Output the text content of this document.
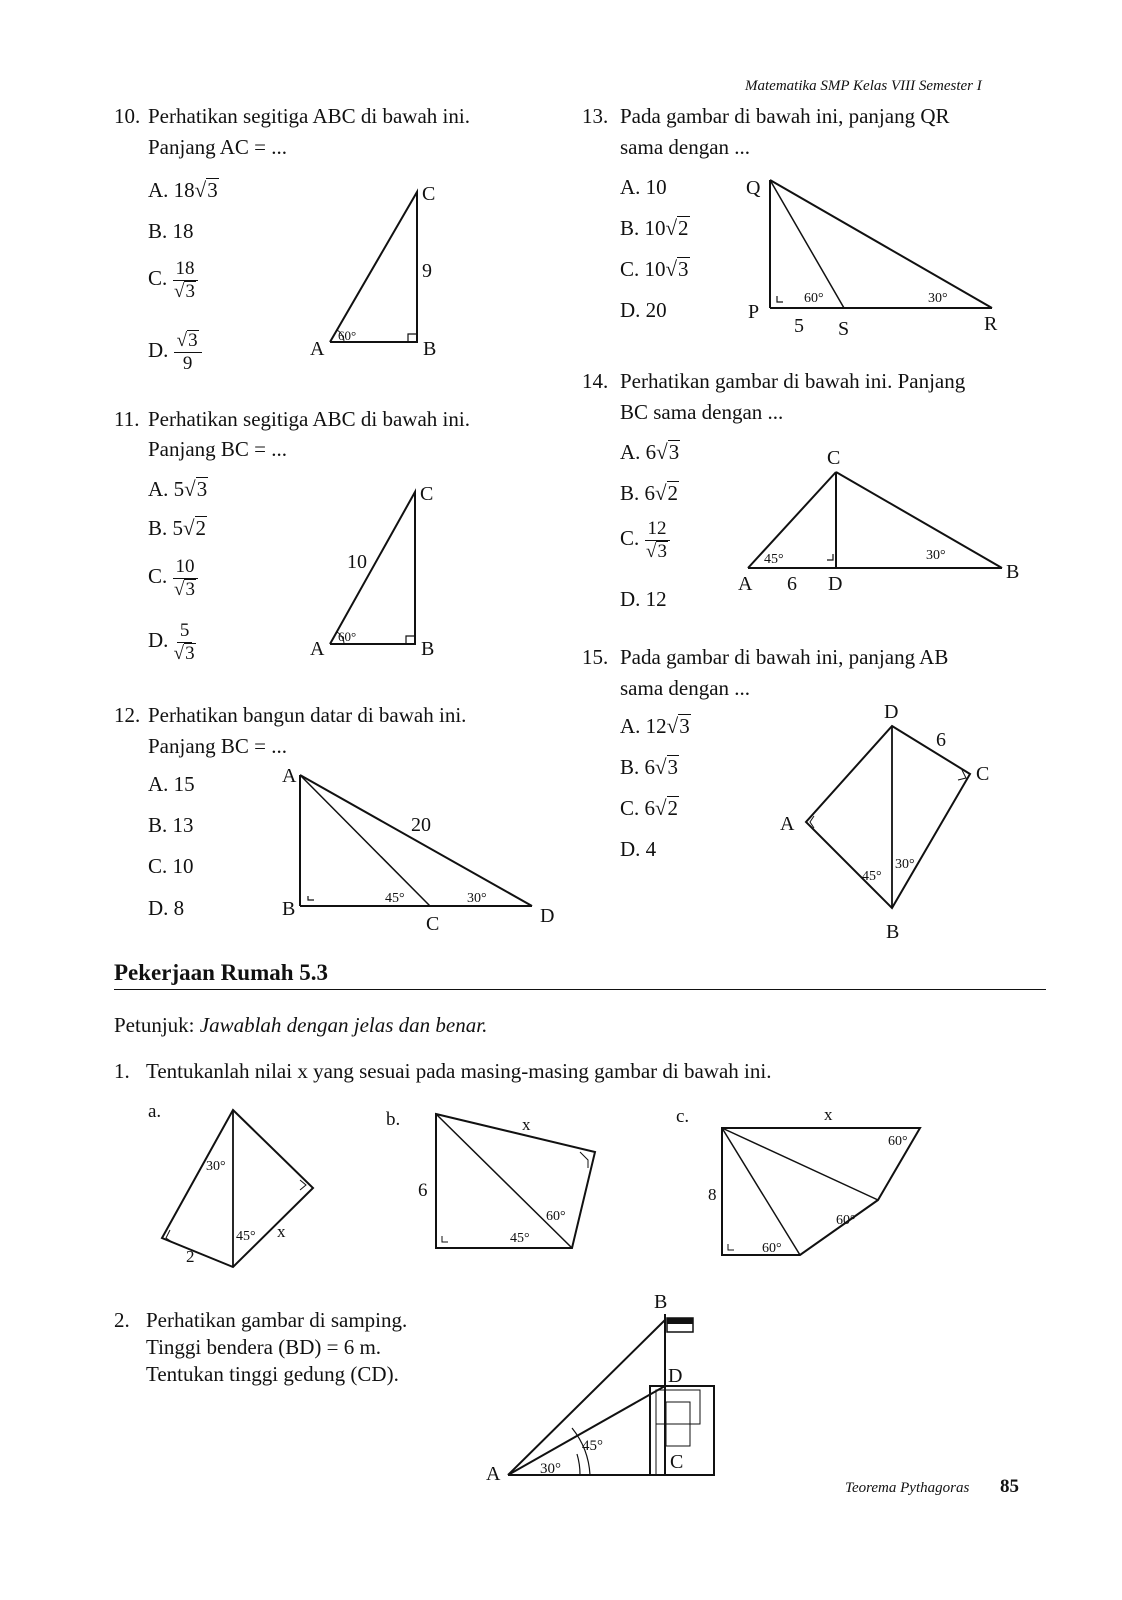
Matematika SMP Kelas VIII Semester I
10. Perhatikan segitiga ABC di bawah ini.
Panjang AC = ...
A. 18√3
B. 18
C. $\frac{18}{√3}$
D. $\frac{√3}{9}$
C
9
A	B
60°
11. Perhatikan segitiga ABC di bawah ini.
Panjang BC = ...
A. 5√3
B. 5√2
C. $\frac{10}{√3}$
D. $\frac{5}{√3}$
C
10
A	B
60°
12. Perhatikan bangun datar di bawah ini.
Panjang BC = ...
A. 15
B. 13
C. 10
D. 8
A
B
C	D
20
45°	30°
13. Pada gambar di bawah ini, panjang QR
sama dengan ...
A. 10
B. 10√2
C. 10√3
D. 20
Q
P
S	R
5
60°	30°
14. Perhatikan gambar di bawah ini. Panjang
BC sama dengan ...
A. 6√3
B. 6√2
C. $\frac{12}{√3}$
D. 12
C
A 6 D
B
45°	30°
15. Pada gambar di bawah ini, panjang AB
sama dengan ...
A. 12√3
B. 6√3
C. 6√2
D. 4
D
6
C
A
B
45°
30°
Pekerjaan Rumah 5.3
Petunjuk: Jawablah dengan jelas dan benar.
1. Tentukanlah nilai x yang sesuai pada masing-masing gambar di bawah ini.
a.
30°
45°
2
x
b.	x
6
60°
45°
c.	x
8
60°
60°
60°
2. Perhatikan gambar di samping.
Tinggi bendera (BD) = 6 m.
Tentukan tinggi gedung (CD).
B
D
A
C
45°
30°
Teorema Pythagoras 85
